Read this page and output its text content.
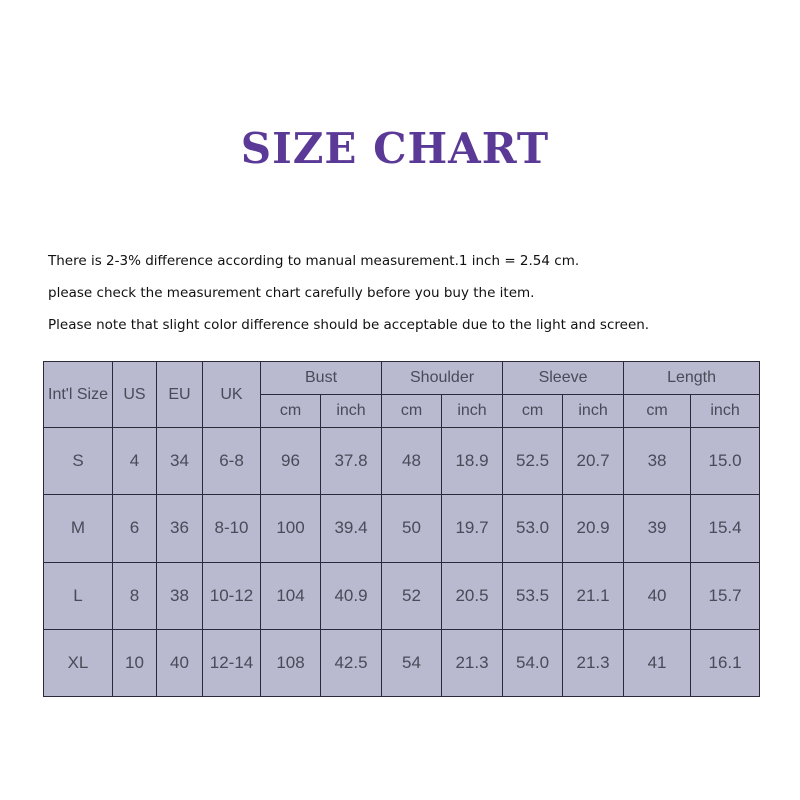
SIZE CHART

There is 2-3% difference according to manual measurement.1 inch = 2.54 cm.

please check the measurement chart carefully before you buy the item.

Please note that slight color difference should be acceptable due to the light and screen.

Int'l Size	US	EU	UK	Bust		Shoulder		Sleeve		Length	
				cm	inch	cm	inch	cm	inch	cm	inch
S	4	34	6-8	96	37.8	48	18.9	52.5	20.7	38	15.0
M	6	36	8-10	100	39.4	50	19.7	53.0	20.9	39	15.4
L	8	38	10-12	104	40.9	52	20.5	53.5	21.1	40	15.7
XL	10	40	12-14	108	42.5	54	21.3	54.0	21.3	41	16.1
